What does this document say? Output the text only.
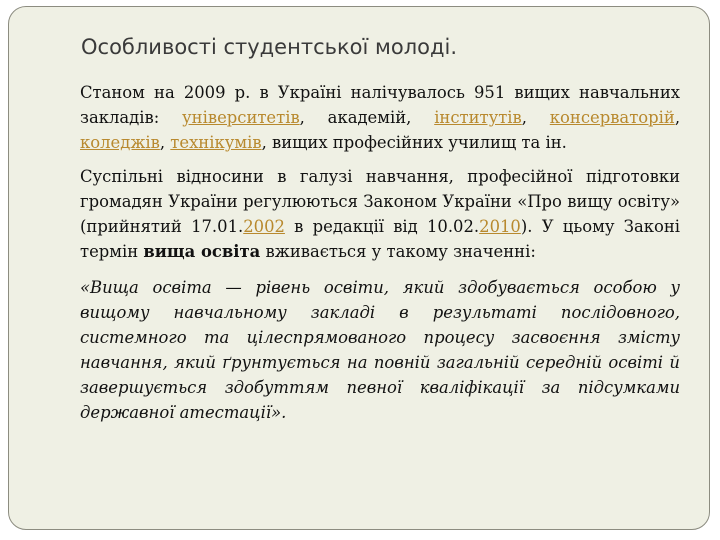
Особливості студентської молоді.

Станом на 2009 р. в Україні налічувалось 951 вищих навчальних закладів: університетів, академій, інститутів, консерваторій, коледжів, технікумів, вищих професійних училищ та ін.

Суспільні відносини в галузі навчання, професійної підготовки громадян України регулюються Законом України «Про вищу освіту» (прийнятий 17.01.2002 в редакції від 10.02.2010). У цьому Законі термін вища освіта вживається у такому значенні:

«Вища освіта — рівень освіти, який здобувається особою у вищому навчальному закладі в результаті послідовного, системного та цілеспрямованого процесу засвоєння змісту навчання, який ґрунтується на повній загальній середній освіті й завершується здобуттям певної кваліфікації за підсумками державної атестації».
